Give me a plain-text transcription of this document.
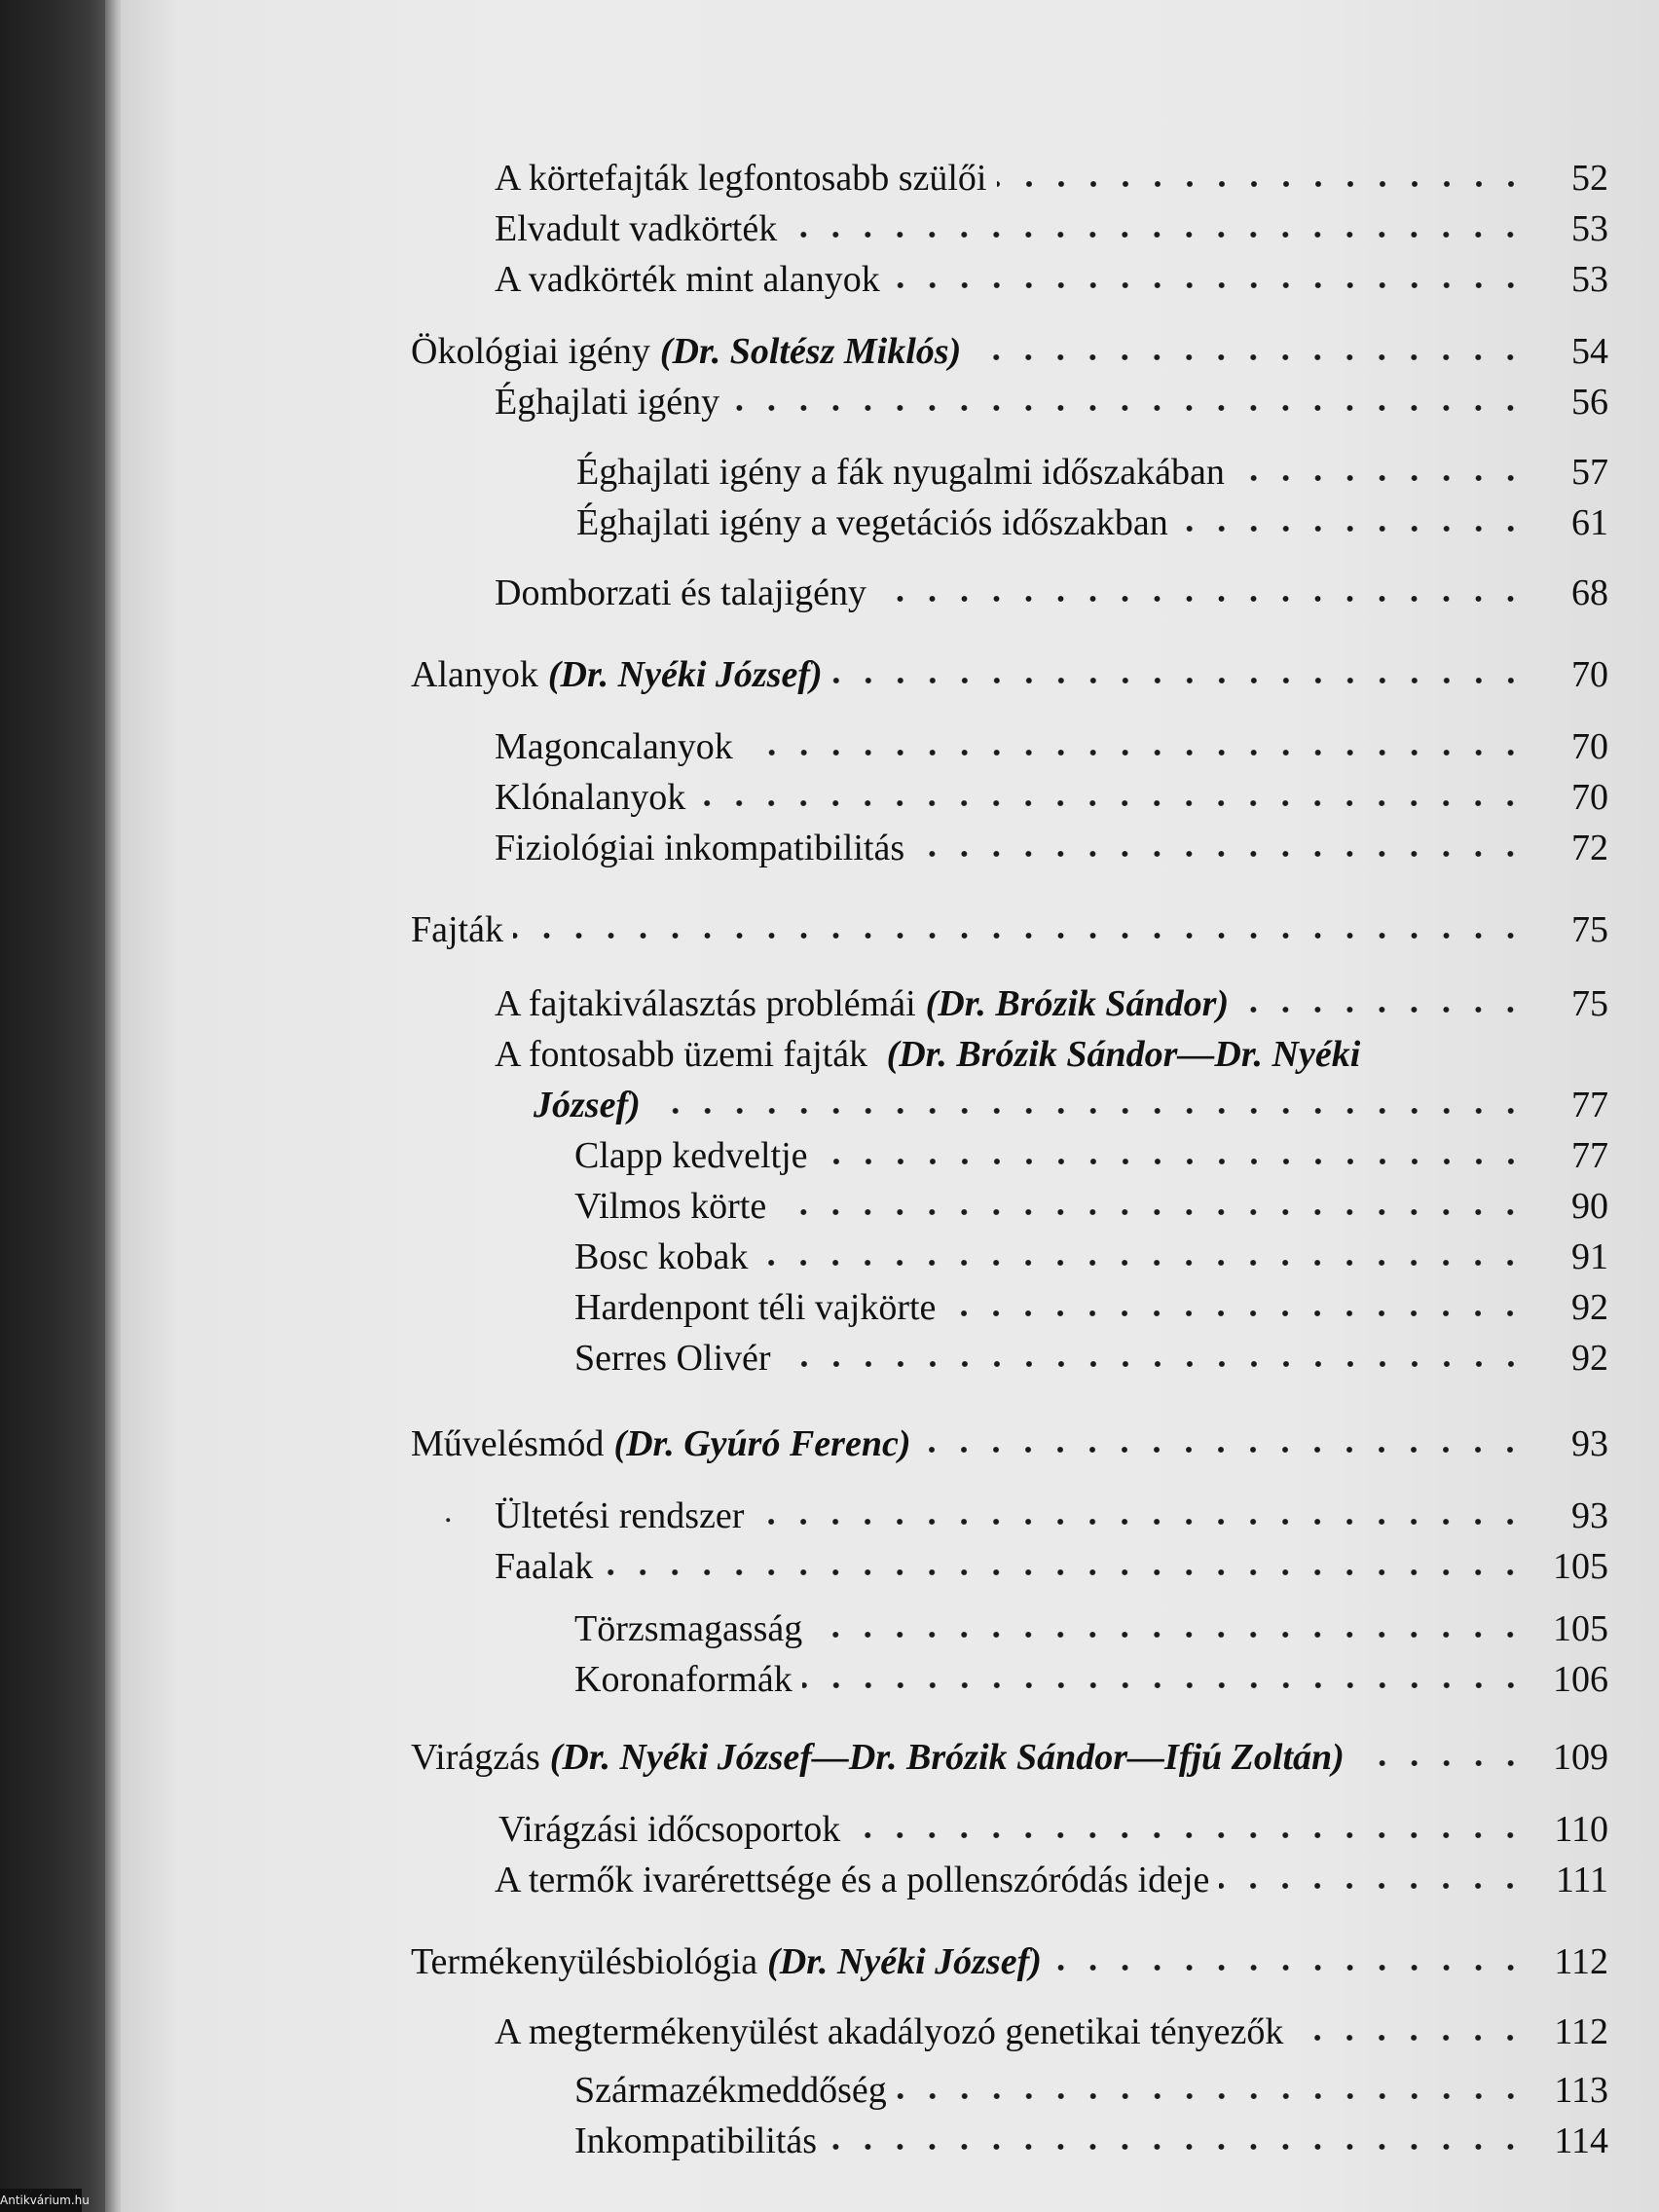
A körtefajták legfontosabb szülői	52
Elvadult vadkörték	53
A vadkörték mint alanyok	53
Ökológiai igény (Dr. Soltész Miklós)	54
Éghajlati igény	56
Éghajlati igény a fák nyugalmi időszakában	57
Éghajlati igény a vegetációs időszakban	61
Domborzati és talajigény	68
Alanyok (Dr. Nyéki József)	70
Magoncalanyok	70
Klónalanyok	70
Fiziológiai inkompatibilitás	72
Fajták	75
A fajtakiválasztás problémái (Dr. Brózik Sándor)	75
A fontosabb üzemi fajták (Dr. Brózik Sándor—Dr. Nyéki
József)	77
Clapp kedveltje	77
Vilmos körte	90
Bosc kobak	91
Hardenpont téli vajkörte	92
Serres Olivér	92
Művelésmód (Dr. Gyúró Ferenc)	93
. Ültetési rendszer	93
Faalak	105
Törzsmagasság	105
Koronaformák	106
Virágzás (Dr. Nyéki József—Dr. Brózik Sándor—Ifjú Zoltán)	109
Virágzási időcsoportok	110
A termők ivarérettsége és a pollenszóródás ideje	111
Termékenyülésbiológia (Dr. Nyéki József)	112
A megtermékenyülést akadályozó genetikai tényezők	112
Származékmeddőség	113
Inkompatibilitás	114
Antikvárium.hu
